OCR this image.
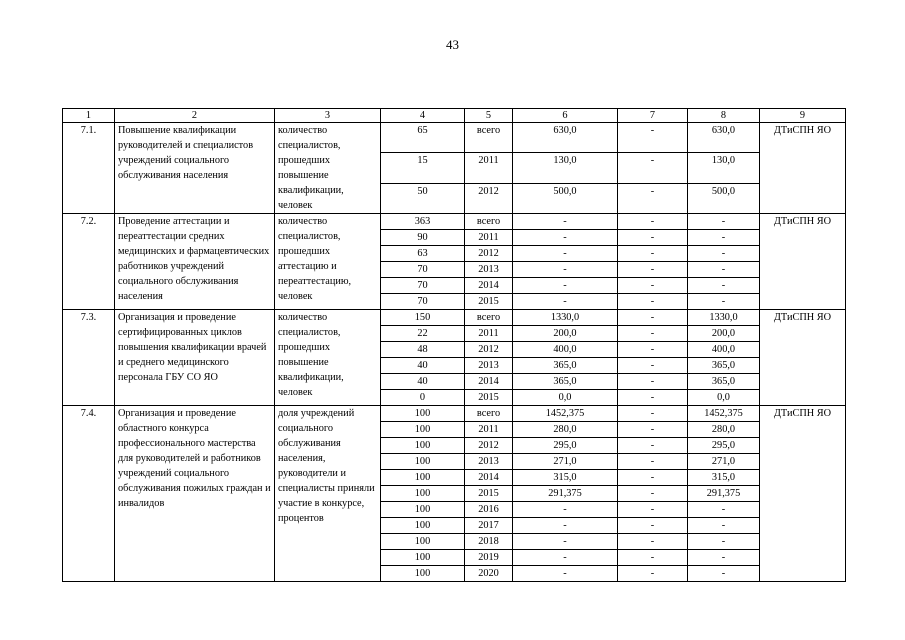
43
1	2	3	4	5	6	7	8	9
7.1.	Повышение квалификации руководителей и специалистов учреждений социального обслуживания населения	количество специалистов, прошедших повышение квалификации, человек	65	всего	630,0	-	630,0	ДТиСПН ЯО
			15	2011	130,0	-	130,0	
			50	2012	500,0	-	500,0	
7.2.	Проведение аттестации и переаттестации средних медицинских и фармацевтических работников учреждений социального обслуживания населения	количество специалистов, прошедших аттестацию и переаттестацию, человек	363	всего	-	-	-	ДТиСПН ЯО
			90	2011	-	-	-	
			63	2012	-	-	-	
			70	2013	-	-	-	
			70	2014	-	-	-	
			70	2015	-	-	-	
7.3.	Организация и проведение сертифицированных циклов повышения квалификации врачей и среднего медицинского персонала ГБУ СО ЯО	количество специалистов, прошедших повышение квалификации, человек	150	всего	1330,0	-	1330,0	ДТиСПН ЯО
			22	2011	200,0	-	200,0	
			48	2012	400,0	-	400,0	
			40	2013	365,0	-	365,0	
			40	2014	365,0	-	365,0	
			0	2015	0,0	-	0,0	
7.4.	Организация и проведение областного конкурса профессионального мастерства для руководителей и работников учреждений социального обслуживания пожилых граждан и инвалидов	доля учреждений социального обслуживания населения, руководители и специалисты приняли участие в конкурсе, процентов	100	всего	1452,375	-	1452,375	ДТиСПН ЯО
			100	2011	280,0	-	280,0	
			100	2012	295,0	-	295,0	
			100	2013	271,0	-	271,0	
			100	2014	315,0	-	315,0	
			100	2015	291,375	-	291,375	
			100	2016	-	-	-	
			100	2017	-	-	-	
			100	2018	-	-	-	
			100	2019	-	-	-	
			100	2020	-	-	-	
